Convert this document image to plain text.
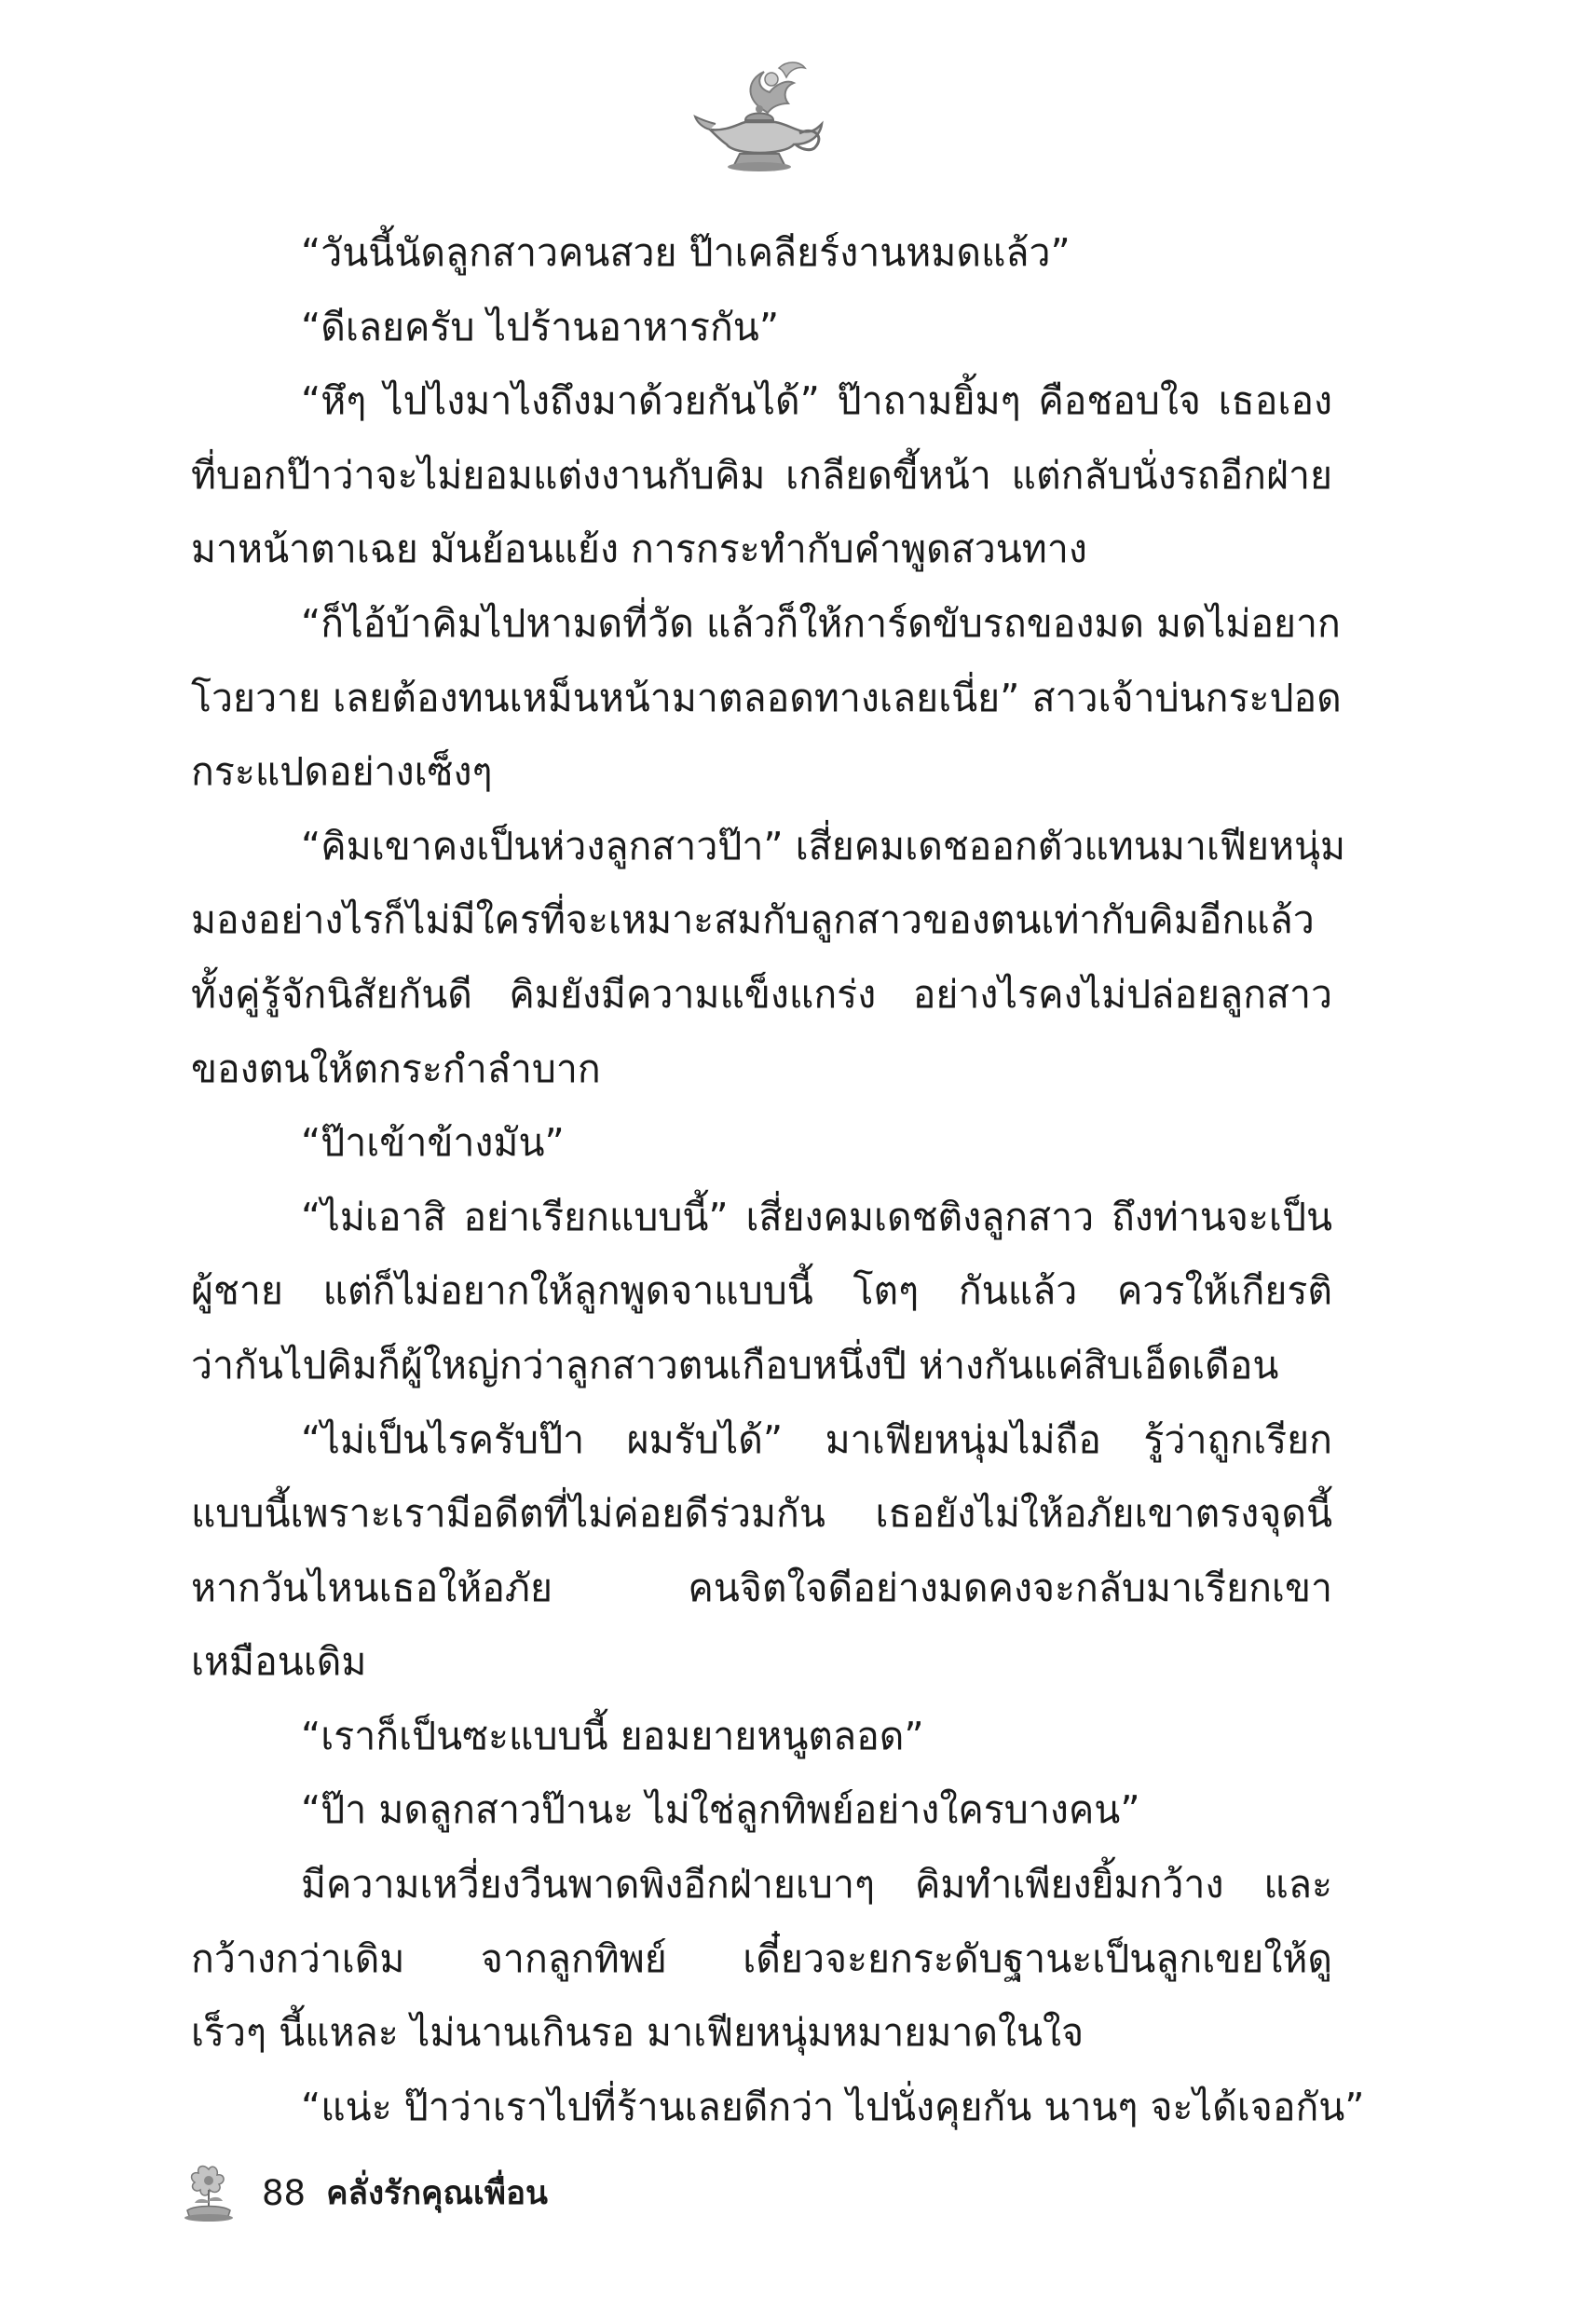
“วันนี้นัดลูกสาวคนสวย ป๊าเคลียร์งานหมดแล้ว”
“ดีเลยครับ ไปร้านอาหารกัน”
“หึๆ ไปไงมาไงถึงมาด้วยกันได้” ป๊าถามยิ้มๆ คือชอบใจ เธอเอง
ที่บอกป๊าว่าจะไม่ยอมแต่งงานกับคิม เกลียดขี้หน้า แต่กลับนั่งรถอีกฝ่าย
มาหน้าตาเฉย มันย้อนแย้ง การกระทำกับคำพูดสวนทาง
“ก็ไอ้บ้าคิมไปหามดที่วัด แล้วก็ให้การ์ดขับรถของมด มดไม่อยาก
โวยวาย เลยต้องทนเหม็นหน้ามาตลอดทางเลยเนี่ย” สาวเจ้าบ่นกระปอด
กระแปดอย่างเซ็งๆ
“คิมเขาคงเป็นห่วงลูกสาวป๊า” เสี่ยคมเดชออกตัวแทนมาเฟียหนุ่ม
มองอย่างไรก็ไม่มีใครที่จะเหมาะสมกับลูกสาวของตนเท่ากับคิมอีกแล้ว
ทั้งคู่รู้จักนิสัยกันดี คิมยังมีความแข็งแกร่ง อย่างไรคงไม่ปล่อยลูกสาว
ของตนให้ตกระกำลำบาก
“ป๊าเข้าข้างมัน”
“ไม่เอาสิ อย่าเรียกแบบนี้” เสี่ยงคมเดชติงลูกสาว ถึงท่านจะเป็น
ผู้ชาย แต่ก็ไม่อยากให้ลูกพูดจาแบบนี้ โตๆ กันแล้ว ควรให้เกียรติ
ว่ากันไปคิมก็ผู้ใหญ่กว่าลูกสาวตนเกือบหนึ่งปี ห่างกันแค่สิบเอ็ดเดือน
“ไม่เป็นไรครับป๊า ผมรับได้” มาเฟียหนุ่มไม่ถือ รู้ว่าถูกเรียก
แบบนี้เพราะเรามีอดีตที่ไม่ค่อยดีร่วมกัน เธอยังไม่ให้อภัยเขาตรงจุดนี้
หากวันไหนเธอให้อภัย คนจิตใจดีอย่างมดคงจะกลับมาเรียกเขา
เหมือนเดิม
“เราก็เป็นซะแบบนี้ ยอมยายหนูตลอด”
“ป๊า มดลูกสาวป๊านะ ไม่ใช่ลูกทิพย์อย่างใครบางคน”
มีความเหวี่ยงวีนพาดพิงอีกฝ่ายเบาๆ คิมทำเพียงยิ้มกว้าง และ
กว้างกว่าเดิม จากลูกทิพย์ เดี๋ยวจะยกระดับฐานะเป็นลูกเขยให้ดู
เร็วๆ นี้แหละ ไม่นานเกินรอ มาเฟียหนุ่มหมายมาดในใจ
“แน่ะ ป๊าว่าเราไปที่ร้านเลยดีกว่า ไปนั่งคุยกัน นานๆ จะได้เจอกัน”
88 คลั่งรักคุณเพื่อน
